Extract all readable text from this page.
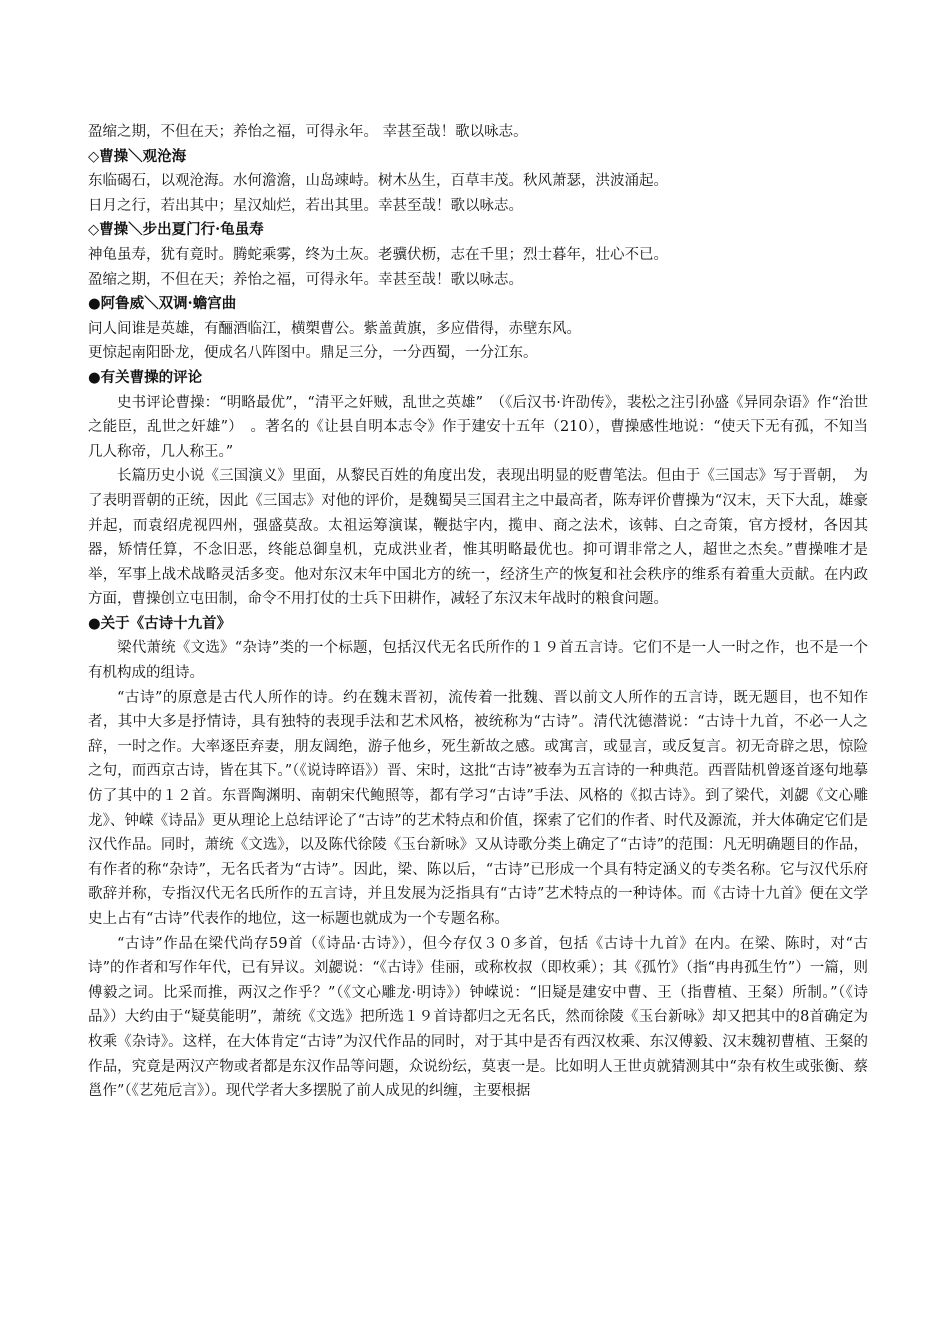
盈缩之期，不但在天；养怡之福，可得永年。 幸甚至哉！歌以咏志。
◇曹操＼观沧海
东临碣石，以观沧海。水何澹澹，山岛竦峙。树木丛生，百草丰茂。秋风萧瑟，洪波涌起。
日月之行，若出其中；星汉灿烂，若出其里。幸甚至哉！歌以咏志。
◇曹操＼步出夏门行·龟虽寿
神龟虽寿，犹有竟时。腾蛇乘雾，终为土灰。老骥伏枥，志在千里；烈士暮年，壮心不已。
盈缩之期，不但在天；养怡之福，可得永年。幸甚至哉！歌以咏志。
●阿鲁威＼双调·蟾宫曲
问人间谁是英雄，有酾酒临江，横槊曹公。紫盖黄旗，多应借得，赤壁东风。
更惊起南阳卧龙，便成名八阵图中。鼎足三分，一分西蜀，一分江东。
●有关曹操的评论
史书评论曹操：“明略最优”，“清平之奸贼，乱世之英雄”　（《后汉书·许劭传》，裴松之注引孙盛《异同杂语》作“治世之能臣，乱世之奸雄”）　。著名的《让县自明本志令》作于建安十五年（210），曹操感性地说：“使天下无有孤，不知当几人称帝，几人称王。”
长篇历史小说《三国演义》里面，从黎民百姓的角度出发，表现出明显的贬曹笔法。但由于《三国志》写于晋朝，　为了表明晋朝的正统，因此《三国志》对他的评价，是魏蜀吴三国君主之中最高者，陈寿评价曹操为“汉末，天下大乱，雄豪并起，而袁绍虎视四州，强盛莫敌。太祖运筹演谋，鞭挞宇内，揽申、商之法术，该韩、白之奇策，官方授材，各因其器，矫情任算，不念旧恶，终能总御皇机，克成洪业者，惟其明略最优也。抑可谓非常之人，超世之杰矣。”曹操唯才是举，军事上战术战略灵活多变。他对东汉末年中国北方的统一，经济生产的恢复和社会秩序的维系有着重大贡献。在内政方面，曹操创立屯田制，命令不用打仗的士兵下田耕作，减轻了东汉末年战时的粮食问题。
●关于《古诗十九首》
梁代萧统《文选》“杂诗”类的一个标题，包括汉代无名氏所作的１９首五言诗。它们不是一人一时之作，也不是一个有机构成的组诗。
“古诗”的原意是古代人所作的诗。约在魏末晋初，流传着一批魏、晋以前文人所作的五言诗，既无题目，也不知作者，其中大多是抒情诗，具有独特的表现手法和艺术风格，被统称为“古诗”。清代沈德潜说：“古诗十九首，不必一人之辞，一时之作。大率逐臣弃妻，朋友阔绝，游子他乡，死生新故之感。或寓言，或显言，或反复言。初无奇辟之思，惊险之句，而西京古诗，皆在其下。”（《说诗晬语》）晋、宋时，这批“古诗”被奉为五言诗的一种典范。西晋陆机曾逐首逐句地摹仿了其中的１２首。东晋陶渊明、南朝宋代鲍照等，都有学习“古诗”手法、风格的《拟古诗》。到了梁代，刘勰《文心雕龙》、钟嵘《诗品》更从理论上总结评论了“古诗”的艺术特点和价值，探索了它们的作者、时代及源流，并大体确定它们是汉代作品。同时，萧统《文选》，以及陈代徐陵《玉台新咏》又从诗歌分类上确定了“古诗”的范围：凡无明确题目的作品，有作者的称“杂诗”，无名氏者为“古诗”。因此，梁、陈以后，“古诗”已形成一个具有特定涵义的专类名称。它与汉代乐府歌辞并称，专指汉代无名氏所作的五言诗，并且发展为泛指具有“古诗”艺术特点的一种诗体。而《古诗十九首》便在文学史上占有“古诗”代表作的地位，这一标题也就成为一个专题名称。
“古诗”作品在梁代尚存59首（《诗品·古诗》），但今存仅３０多首，包括《古诗十九首》在内。在梁、陈时，对“古诗”的作者和写作年代，已有异议。刘勰说：“《古诗》佳丽，或称枚叔（即枚乘）；其《孤竹》（指“冉冉孤生竹”）一篇，则傅毅之词。比采而推，两汉之作乎？”（《文心雕龙·明诗》）钟嵘说：“旧疑是建安中曹、王（指曹植、王粲）所制。”（《诗品》）大约由于“疑莫能明”，萧统《文选》把所选１９首诗都归之无名氏，然而徐陵《玉台新咏》却又把其中的8首确定为枚乘《杂诗》。这样，在大体肯定“古诗”为汉代作品的同时，对于其中是否有西汉枚乘、东汉傅毅、汉末魏初曹植、王粲的作品，究竟是两汉产物或者都是东汉作品等问题，众说纷纭，莫衷一是。比如明人王世贞就猜测其中“杂有枚生或张衡、蔡邕作”（《艺苑卮言》）。现代学者大多摆脱了前人成见的纠缠，主要根据
